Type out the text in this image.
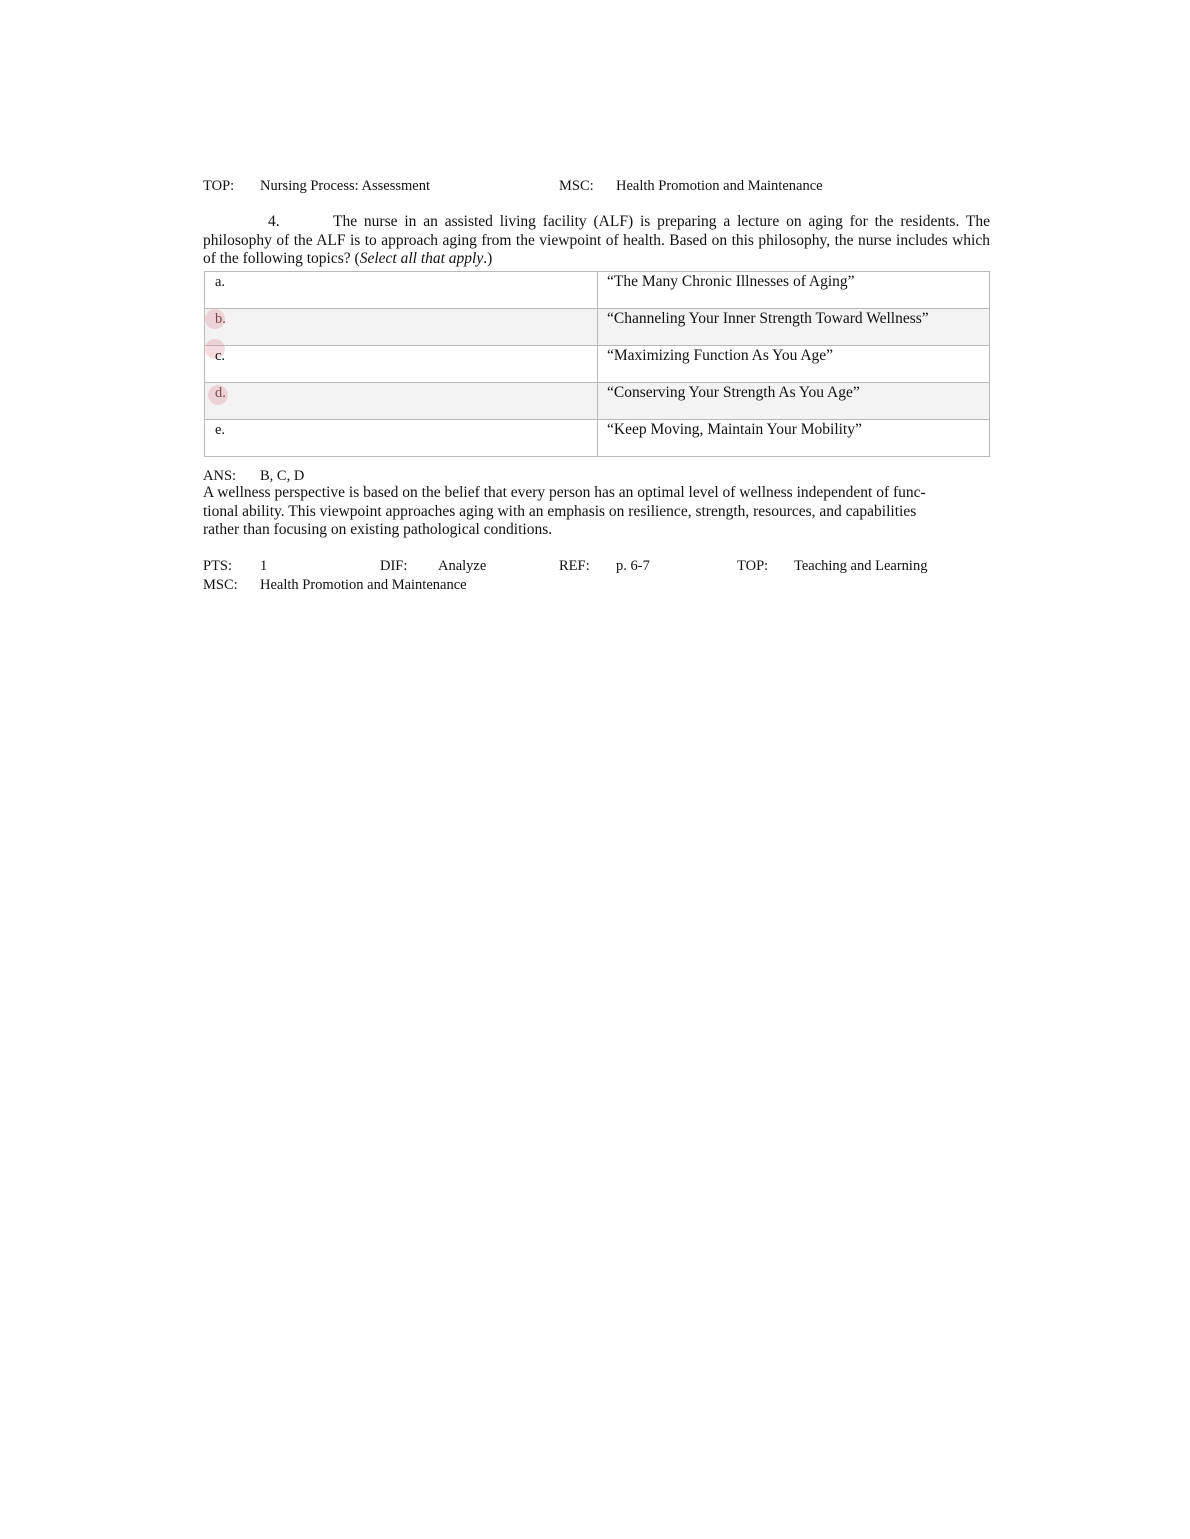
TOP: Nursing Process: Assessment	MSC: Health Promotion and Maintenance
4.	The nurse in an assisted living facility (ALF) is preparing a lecture on aging for the residents. The philosophy of the ALF is to approach aging from the viewpoint of health. Based on this philosophy, the nurse includes which of the following topics? (Select all that apply.)
a.	“The Many Chronic Illnesses of Aging”

b.	“Channeling Your Inner Strength Toward Wellness”

c.	“Maximizing Function As You Age”

d.	“Conserving Your Strength As You Age”

e.	“Keep Moving, Maintain Your Mobility”
ANS: B, C, D
A wellness perspective is based on the belief that every person has an optimal level of wellness independent of func-
tional ability. This viewpoint approaches aging with an emphasis on resilience, strength, resources, and capabilities
rather than focusing on existing pathological conditions.
PTS: 1	DIF: Analyze	REF: p. 6-7	TOP: Teaching and Learning
MSC: Health Promotion and Maintenance
